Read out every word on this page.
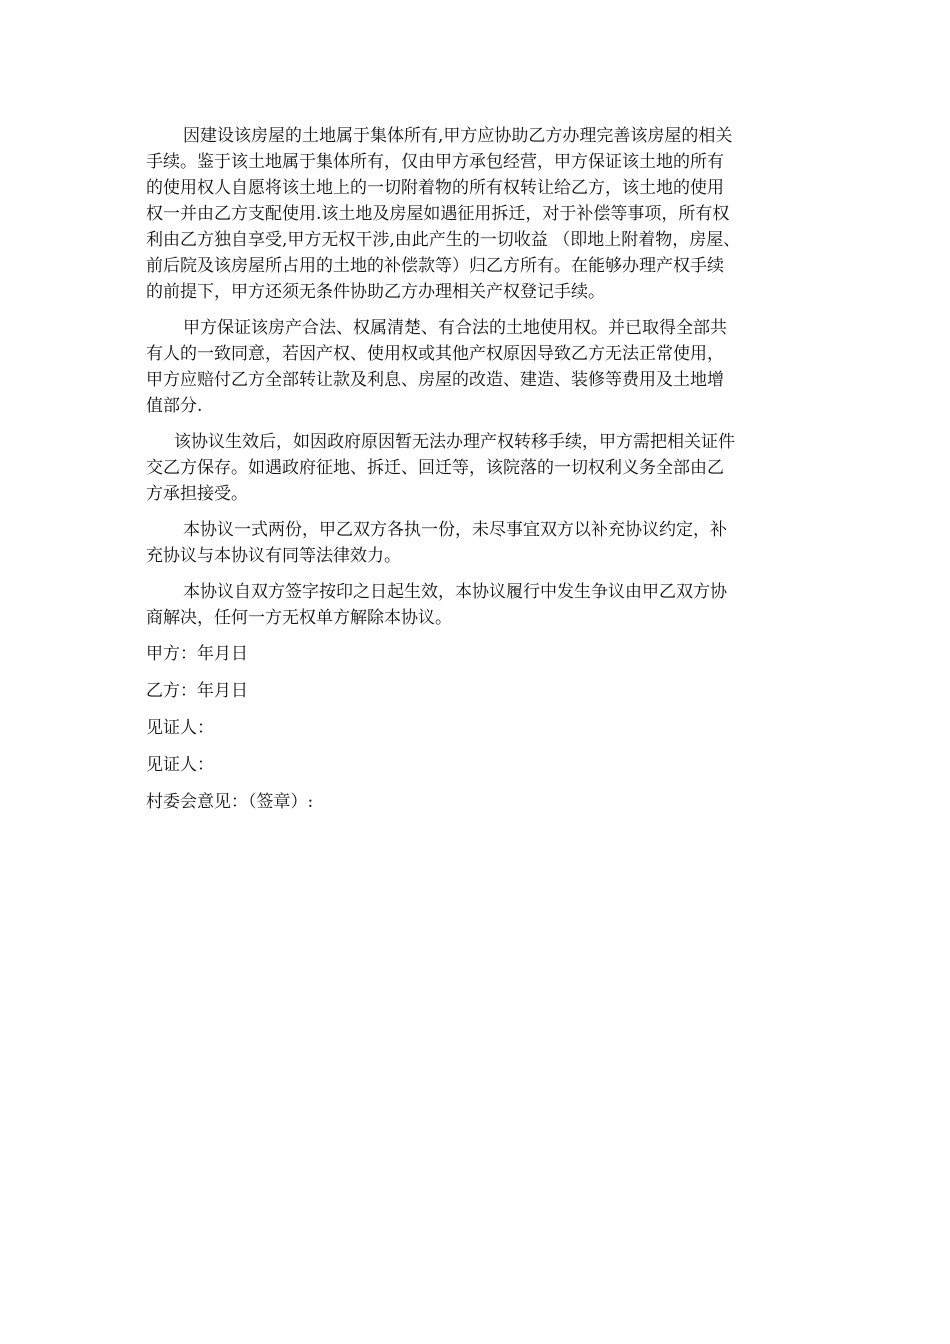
因建设该房屋的土地属于集体所有,甲方应协助乙方办理完善该房屋的相关
手续。鉴于该土地属于集体所有，仅由甲方承包经营，甲方保证该土地的所有
的使用权人自愿将该土地上的一切附着物的所有权转让给乙方，该土地的使用
权一并由乙方支配使用.该土地及房屋如遇征用拆迁，对于补偿等事项，所有权
利由乙方独自享受,甲方无权干涉,由此产生的一切收益 （即地上附着物，房屋、
前后院及该房屋所占用的土地的补偿款等）归乙方所有。在能够办理产权手续
的前提下，甲方还须无条件协助乙方办理相关产权登记手续。

甲方保证该房产合法、权属清楚、有合法的土地使用权。并已取得全部共
有人的一致同意，若因产权、使用权或其他产权原因导致乙方无法正常使用，
甲方应赔付乙方全部转让款及利息、房屋的改造、建造、装修等费用及土地增
值部分.

该协议生效后，如因政府原因暂无法办理产权转移手续，甲方需把相关证件
交乙方保存。如遇政府征地、拆迁、回迁等，该院落的一切权利义务全部由乙
方承担接受。

本协议一式两份，甲乙双方各执一份，未尽事宜双方以补充协议约定，补
充协议与本协议有同等法律效力。

本协议自双方签字按印之日起生效，本协议履行中发生争议由甲乙双方协
商解决，任何一方无权单方解除本协议。

甲方：年月日
乙方：年月日
见证人：
见证人：
村委会意见：（签章）:
